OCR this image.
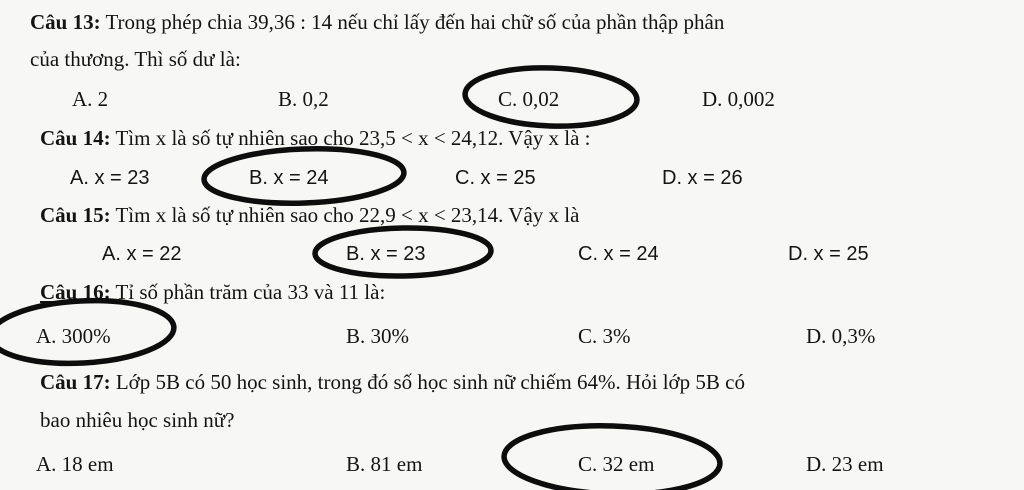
Câu 13: Trong phép chia 39,36 : 14 nếu chỉ lấy đến hai chữ số của phần thập phân
của thương. Thì số dư là:
A. 2	B. 0,2	C. 0,02	D. 0,002
Câu 14: Tìm x là số tự nhiên sao cho 23,5 < x < 24,12. Vậy x là :
A. x = 23	B. x = 24	C. x = 25	D. x = 26
Câu 15: Tìm x là số tự nhiên sao cho 22,9 < x < 23,14. Vậy x là
A. x = 22	B. x = 23	C. x = 24	D. x = 25
Câu 16: Tỉ số phần trăm của 33 và 11 là:
A. 300%	B. 30%	C. 3%	D. 0,3%
Câu 17: Lớp 5B có 50 học sinh, trong đó số học sinh nữ chiếm 64%. Hỏi lớp 5B có
bao nhiêu học sinh nữ?
A. 18 em	B. 81 em	C. 32 em	D. 23 em
